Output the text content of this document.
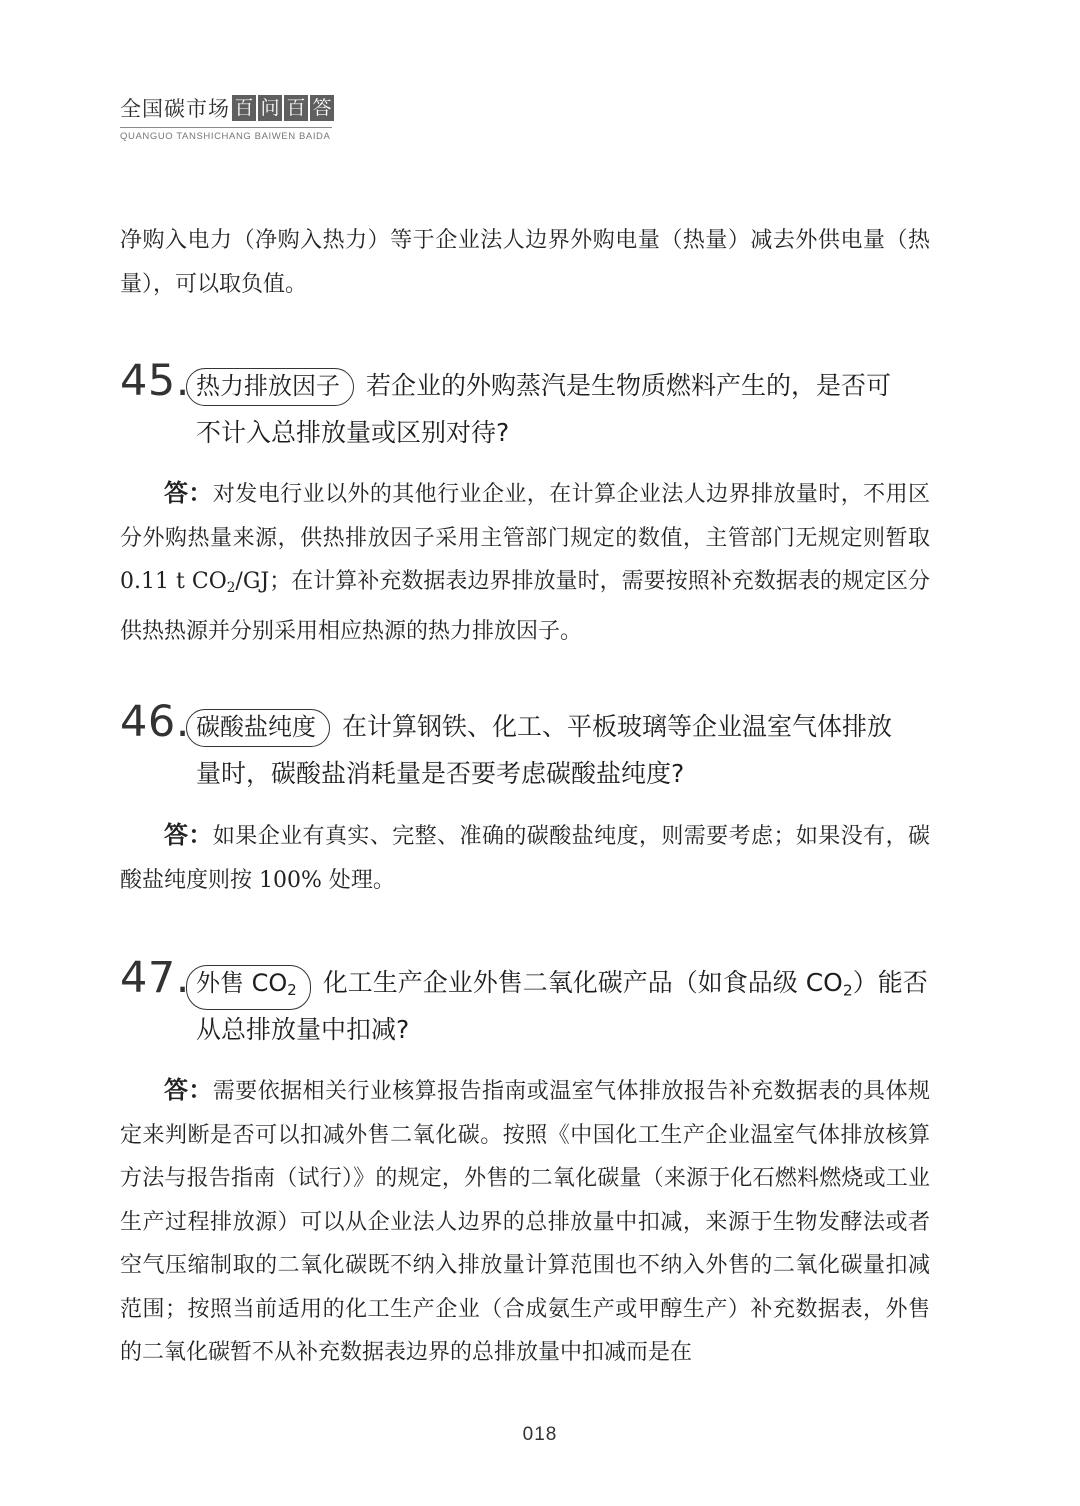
全国碳市场 百 问 百 答
QUANGUO TANSHICHANG BAIWEN BAIDA

净购入电力（净购入热力）等于企业法人边界外购电量（热量）减去外供电量（热量），可以取负值。

45. 热力排放因子 若企业的外购蒸汽是生物质燃料产生的，是否可
不计入总排放量或区别对待?

答：对发电行业以外的其他行业企业，在计算企业法人边界排放量时，不用区分外购热量来源，供热排放因子采用主管部门规定的数值，主管部门无规定则暂取 0.11 t CO2/GJ；在计算补充数据表边界排放量时，需要按照补充数据表的规定区分供热热源并分别采用相应热源的热力排放因子。

46. 碳酸盐纯度 在计算钢铁、化工、平板玻璃等企业温室气体排放
量时，碳酸盐消耗量是否要考虑碳酸盐纯度?

答：如果企业有真实、完整、准确的碳酸盐纯度，则需要考虑；如果没有，碳酸盐纯度则按 100% 处理。

47. 外售 CO2 化工生产企业外售二氧化碳产品（如食品级 CO2）能否
从总排放量中扣减?

答：需要依据相关行业核算报告指南或温室气体排放报告补充数据表的具体规定来判断是否可以扣减外售二氧化碳。按照《中国化工生产企业温室气体排放核算方法与报告指南（试行）》的规定，外售的二氧化碳量（来源于化石燃料燃烧或工业生产过程排放源）可以从企业法人边界的总排放量中扣减，来源于生物发酵法或者空气压缩制取的二氧化碳既不纳入排放量计算范围也不纳入外售的二氧化碳量扣减范围；按照当前适用的化工生产企业（合成氨生产或甲醇生产）补充数据表，外售的二氧化碳暂不从补充数据表边界的总排放量中扣减而是在

018
